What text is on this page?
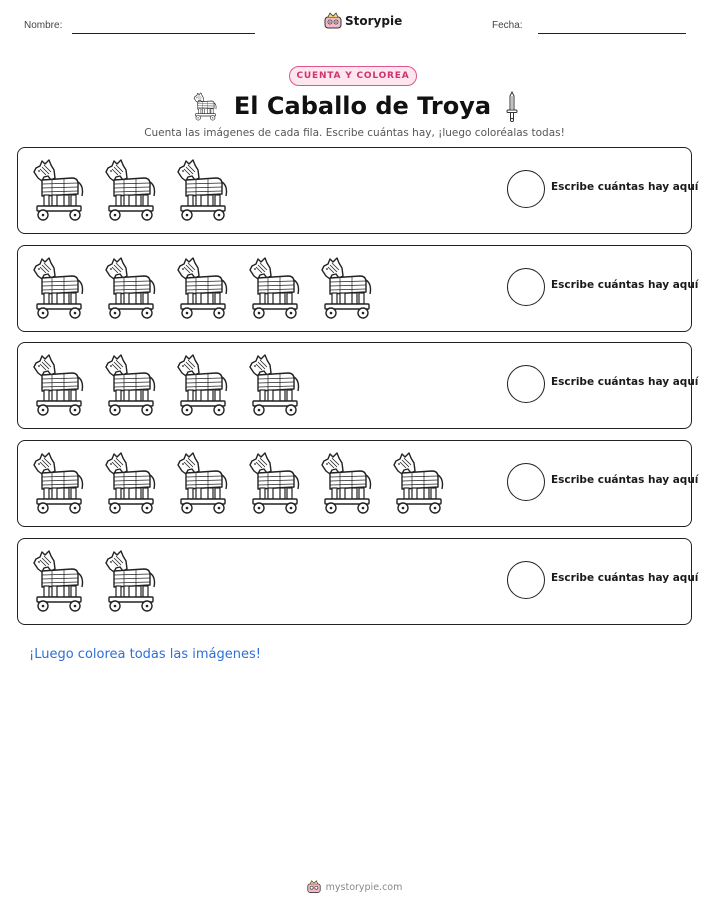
Nombre:	Storypie	Fecha:
CUENTA Y COLOREA
El Caballo de Troya
Cuenta las imágenes de cada fila. Escribe cuántas hay, ¡luego coloréalas todas!
Escribe cuántas hay aquí
Escribe cuántas hay aquí
Escribe cuántas hay aquí
Escribe cuántas hay aquí
Escribe cuántas hay aquí
¡Luego colorea todas las imágenes!
mystorypie.com
